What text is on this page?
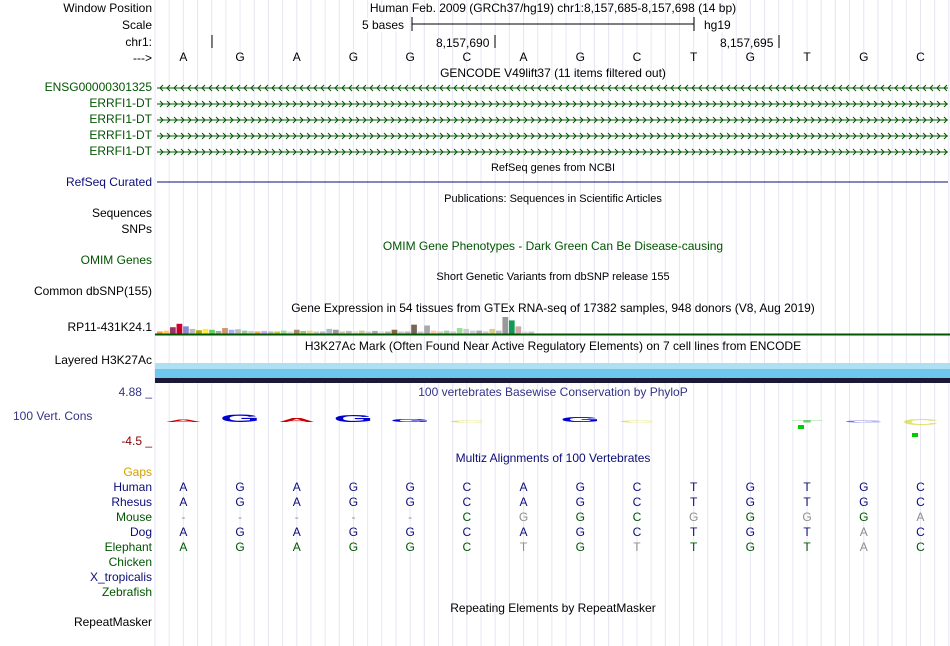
A G A G G C	G C	T G C
Window Position	Human Feb. 2009 (GRCh37/hg19) chr1:8,157,685-8,157,698 (14 bp)
Scale	5 bases	hg19
chr1:	8,157,690	8,157,695
---> A	G	A	G	G	C	A	G	C	T	G	T	G	C
GENCODE V49lift37 (11 items filtered out)
ENSG00000301325
ERRFI1-DT
ERRFI1-DT
ERRFI1-DT
ERRFI1-DT
RefSeq genes from NCBI
RefSeq Curated
Publications: Sequences in Scientific Articles
Sequences
SNPs
OMIM Gene Phenotypes - Dark Green Can Be Disease-causing
OMIM Genes
Short Genetic Variants from dbSNP release 155
Common dbSNP(155)
Gene Expression in 54 tissues from GTEx RNA-seq of 17382 samples, 948 donors (V8, Aug 2019)
RP11-431K24.1
H3K27Ac Mark (Often Found Near Active Regulatory Elements) on 7 cell lines from ENCODE
Layered H3K27Ac
100 vertebrates Basewise Conservation by PhyloP
4.88 _
100 Vert. Cons
-4.5 _
Multiz Alignments of 100 Vertebrates
Gaps
Human A	G	A	G	G	C	A	G	C	T	G	T	G	C
Rhesus A	G	A	G	G	C	A	G	C	T	G	T	G	C
Mouse	-	-	-	-	-	C	G	G	C	G	G	G	G	A
Dog A	G	A	G	G	C	A	G	C	T	G	T	A	C
Elephant A	G	A	G	G	C	T	G	T	T	G	T	A	C
Chicken
X_tropicalis
Zebrafish
Repeating Elements by RepeatMasker
RepeatMasker
